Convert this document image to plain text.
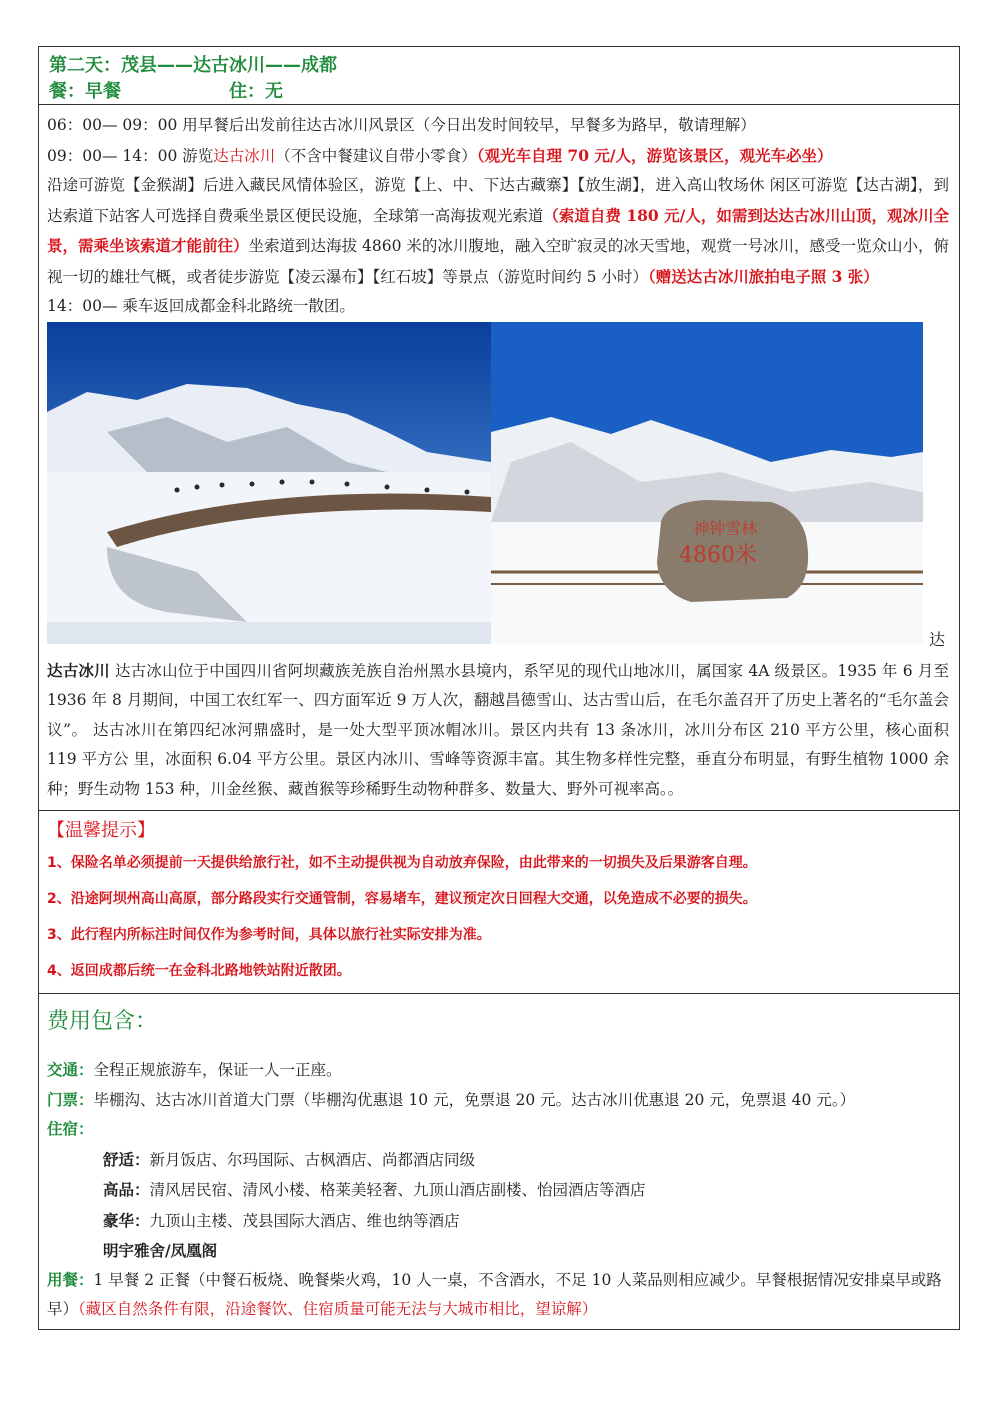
第二天：茂县——达古冰川——成都
餐：早餐	住：无
06：00— 09：00 用早餐后出发前往达古冰川风景区（今日出发时间较早，早餐多为路早，敬请理解）
09：00— 14：00 游览达古冰川（不含中餐建议自带小零食）（观光车自理 70 元/人，游览该景区，观光车必坐）
沿途可游览【金猴湖】后进入藏民风情体验区，游览【上、中、下达古藏寨】【放生湖】，进入高山牧场休 闲区可游览【达古湖】，到达索道下站客人可选择自费乘坐景区便民设施，全球第一高海拔观光索道（索道自费 180 元/人，如需到达达古冰川山顶，观冰川全景，需乘坐该索道才能前往）坐索道到达海拔 4860 米的冰川腹地，融入空旷寂灵的冰天雪地，观赏一号冰川，感受一览众山小，俯视一切的雄壮气概，或者徒步游览【凌云瀑布】【红石坡】等景点（游览时间约 5 小时）（赠送达古冰川旅拍电子照 3 张）
14：00— 乘车返回成都金科北路统一散团。
神钟雪林
4860米
达
达古冰川 达古冰山位于中国四川省阿坝藏族羌族自治州黑水县境内，系罕见的现代山地冰川，属国家 4A 级景区。1935 年 6 月至 1936 年 8 月期间，中国工农红军一、四方面军近 9 万人次，翻越昌德雪山、达古雪山后，在毛尔盖召开了历史上著名的“毛尔盖会议”。 达古冰川在第四纪冰河鼎盛时，是一处大型平顶冰帽冰川。景区内共有 13 条冰川，冰川分布区 210 平方公里，核心面积 119 平方公 里，冰面积 6.04 平方公里。景区内冰川、雪峰等资源丰富。其生物多样性完整，垂直分布明显，有野生植物 1000 余种；野生动物 153 种，川金丝猴、藏酋猴等珍稀野生动物种群多、数量大、野外可视率高。。
【温馨提示】
1、保险名单必须提前一天提供给旅行社，如不主动提供视为自动放弃保险，由此带来的一切损失及后果游客自理。
2、沿途阿坝州高山高原，部分路段实行交通管制，容易堵车，建议预定次日回程大交通，以免造成不必要的损失。
3、此行程内所标注时间仅作为参考时间，具体以旅行社实际安排为准。
4、返回成都后统一在金科北路地铁站附近散团。
费用包含：
交通：全程正规旅游车，保证一人一正座。
门票：毕棚沟、达古冰川首道大门票（毕棚沟优惠退 10 元，免票退 20 元。达古冰川优惠退 20 元，免票退 40 元。）
住宿：
舒适：新月饭店、尔玛国际、古枫酒店、尚都酒店同级
高品：清风居民宿、清风小楼、格莱美轻奢、九顶山酒店副楼、怡园酒店等酒店
豪华：九顶山主楼、茂县国际大酒店、维也纳等酒店
明宇雅舍/凤凰阁
用餐：1 早餐 2 正餐（中餐石板烧、晚餐柴火鸡，10 人一桌，不含酒水，不足 10 人菜品则相应减少。早餐根据情况安排桌早或路早）（藏区自然条件有限，沿途餐饮、住宿质量可能无法与大城市相比，望谅解）
